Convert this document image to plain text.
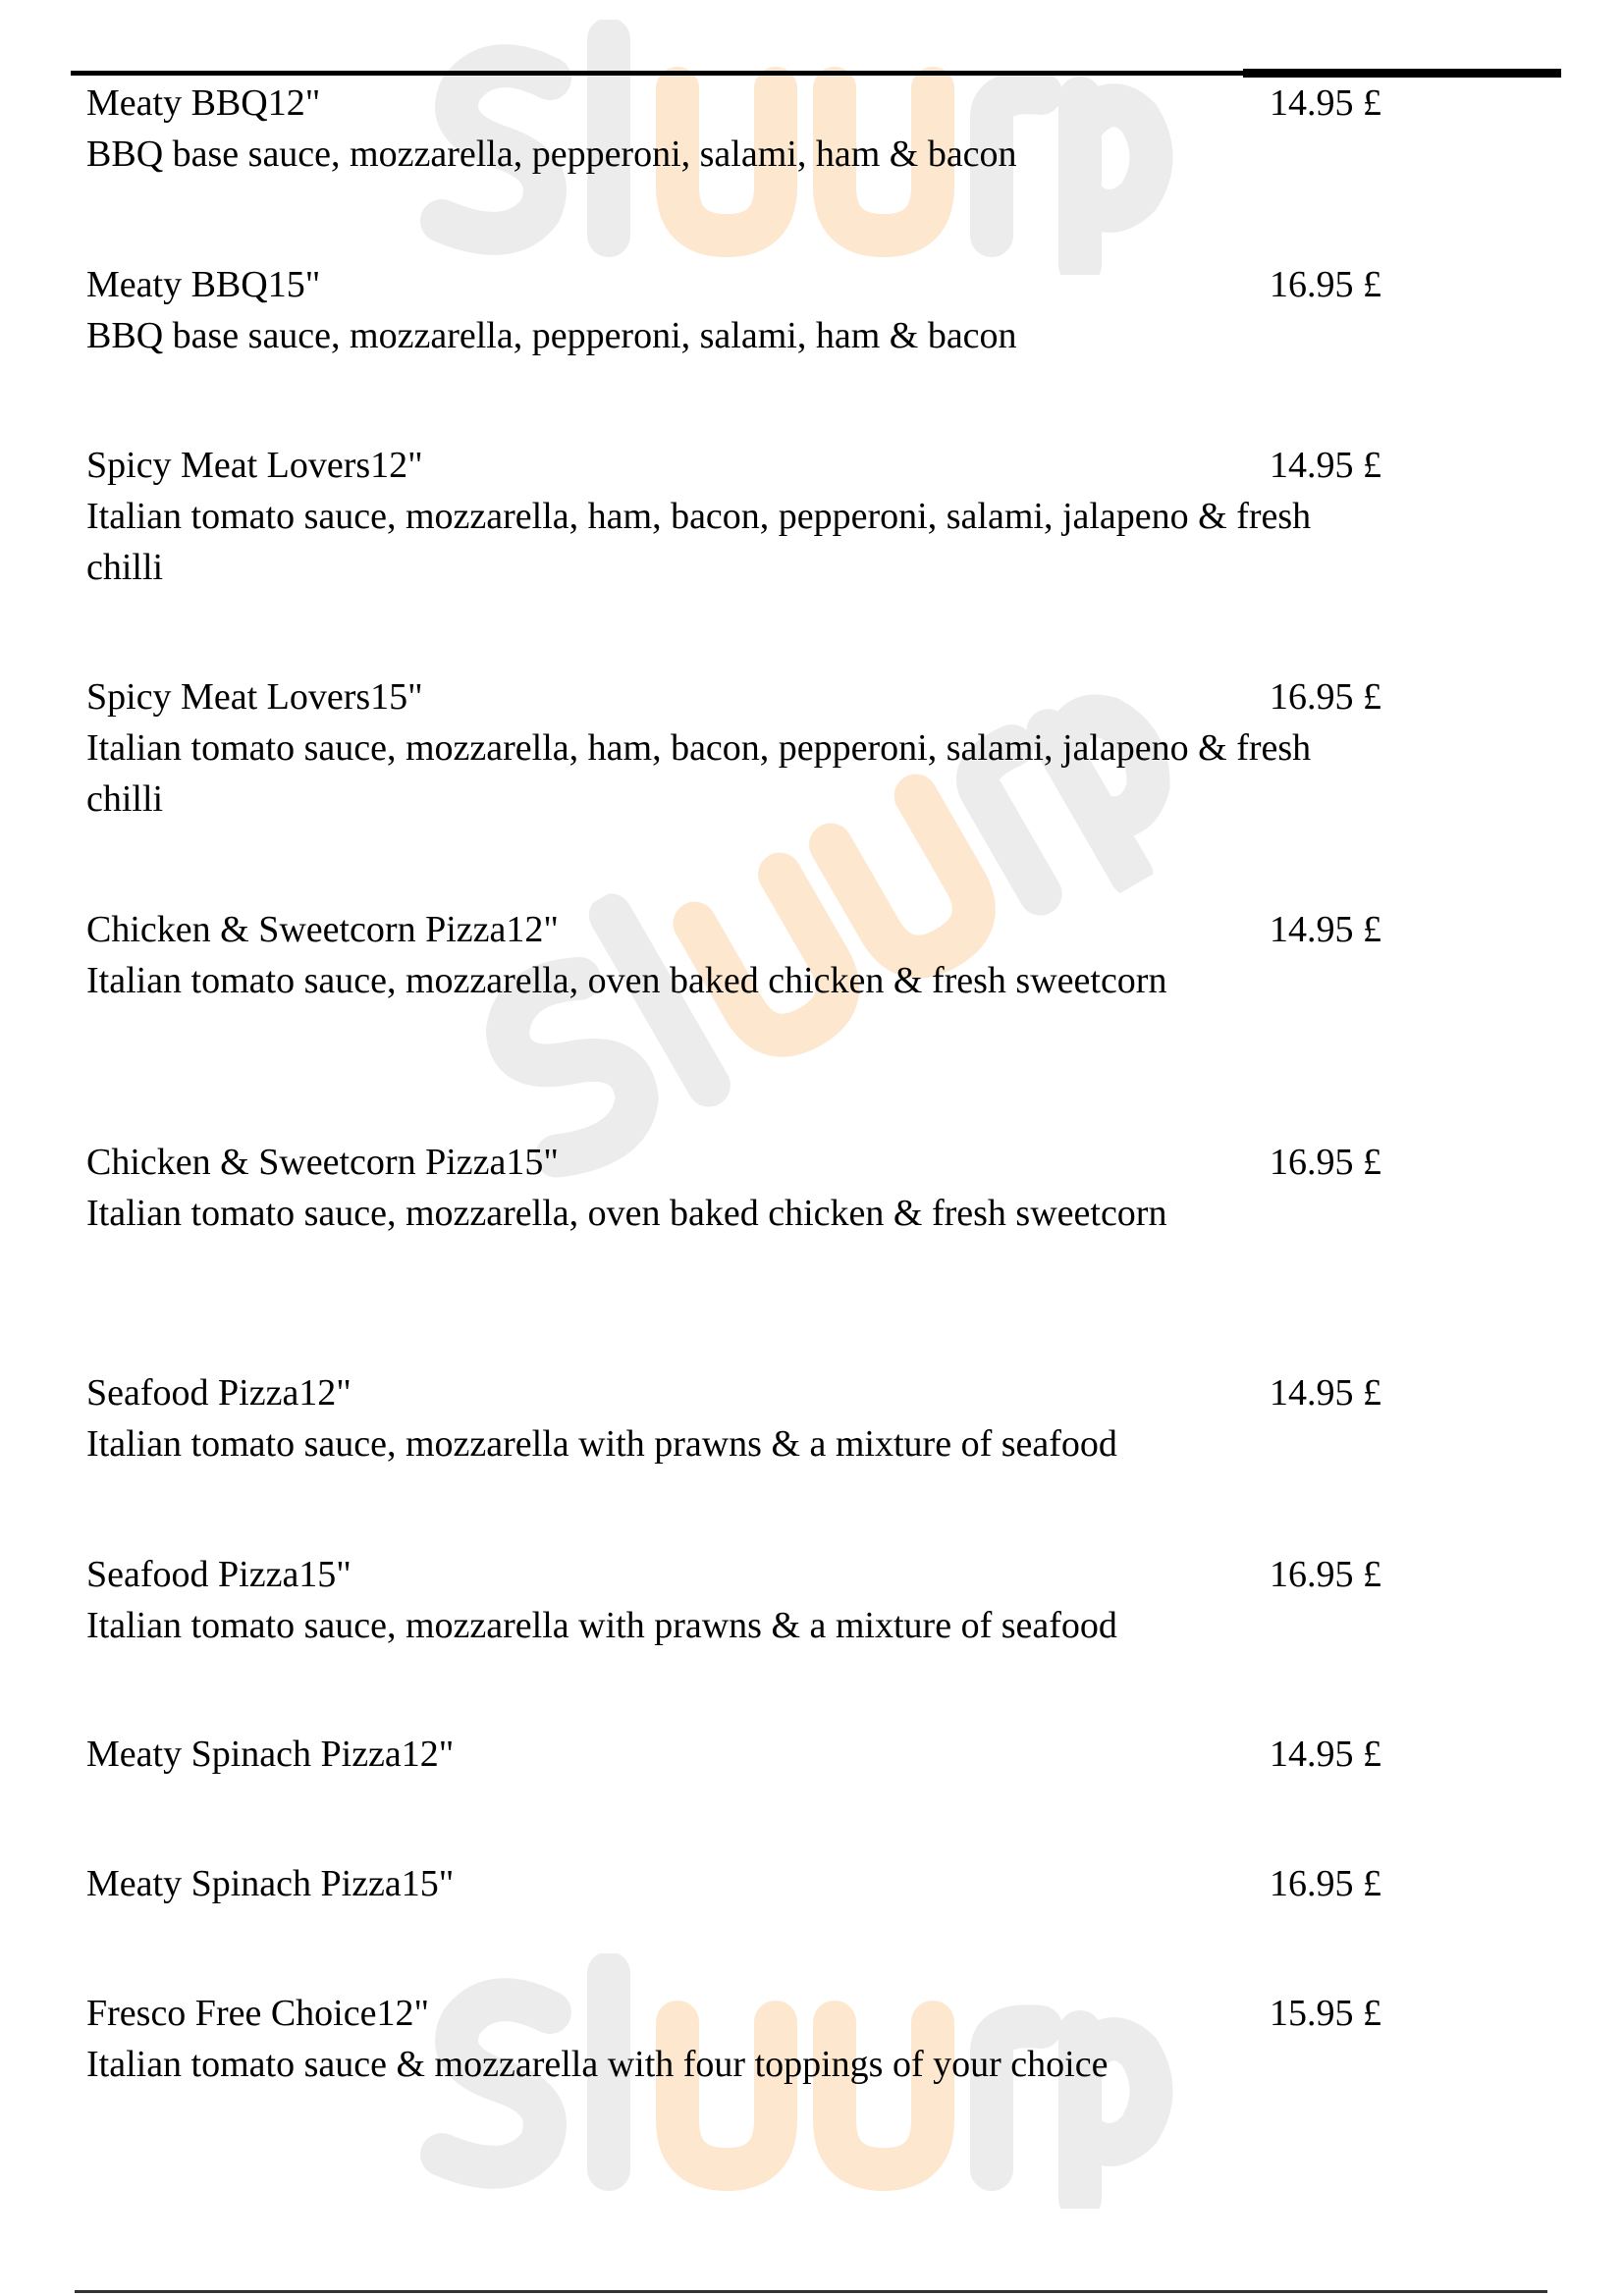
Meaty BBQ12"
BBQ base sauce, mozzarella, pepperoni, salami, ham & bacon
14.95 £
Meaty BBQ15"
BBQ base sauce, mozzarella, pepperoni, salami, ham & bacon
16.95 £
Spicy Meat Lovers12"
Italian tomato sauce, mozzarella, ham, bacon, pepperoni, salami, jalapeno & fresh chilli
14.95 £
Spicy Meat Lovers15"
Italian tomato sauce, mozzarella, ham, bacon, pepperoni, salami, jalapeno & fresh chilli
16.95 £
Chicken & Sweetcorn Pizza12"
Italian tomato sauce, mozzarella, oven baked chicken & fresh sweetcorn
14.95 £
Chicken & Sweetcorn Pizza15"
Italian tomato sauce, mozzarella, oven baked chicken & fresh sweetcorn
16.95 £
Seafood Pizza12"
Italian tomato sauce, mozzarella with prawns & a mixture of seafood
14.95 £
Seafood Pizza15"
Italian tomato sauce, mozzarella with prawns & a mixture of seafood
16.95 £
Meaty Spinach Pizza12"	14.95 £
Meaty Spinach Pizza15"	16.95 £
Fresco Free Choice12"
Italian tomato sauce & mozzarella with four toppings of your choice
15.95 £
